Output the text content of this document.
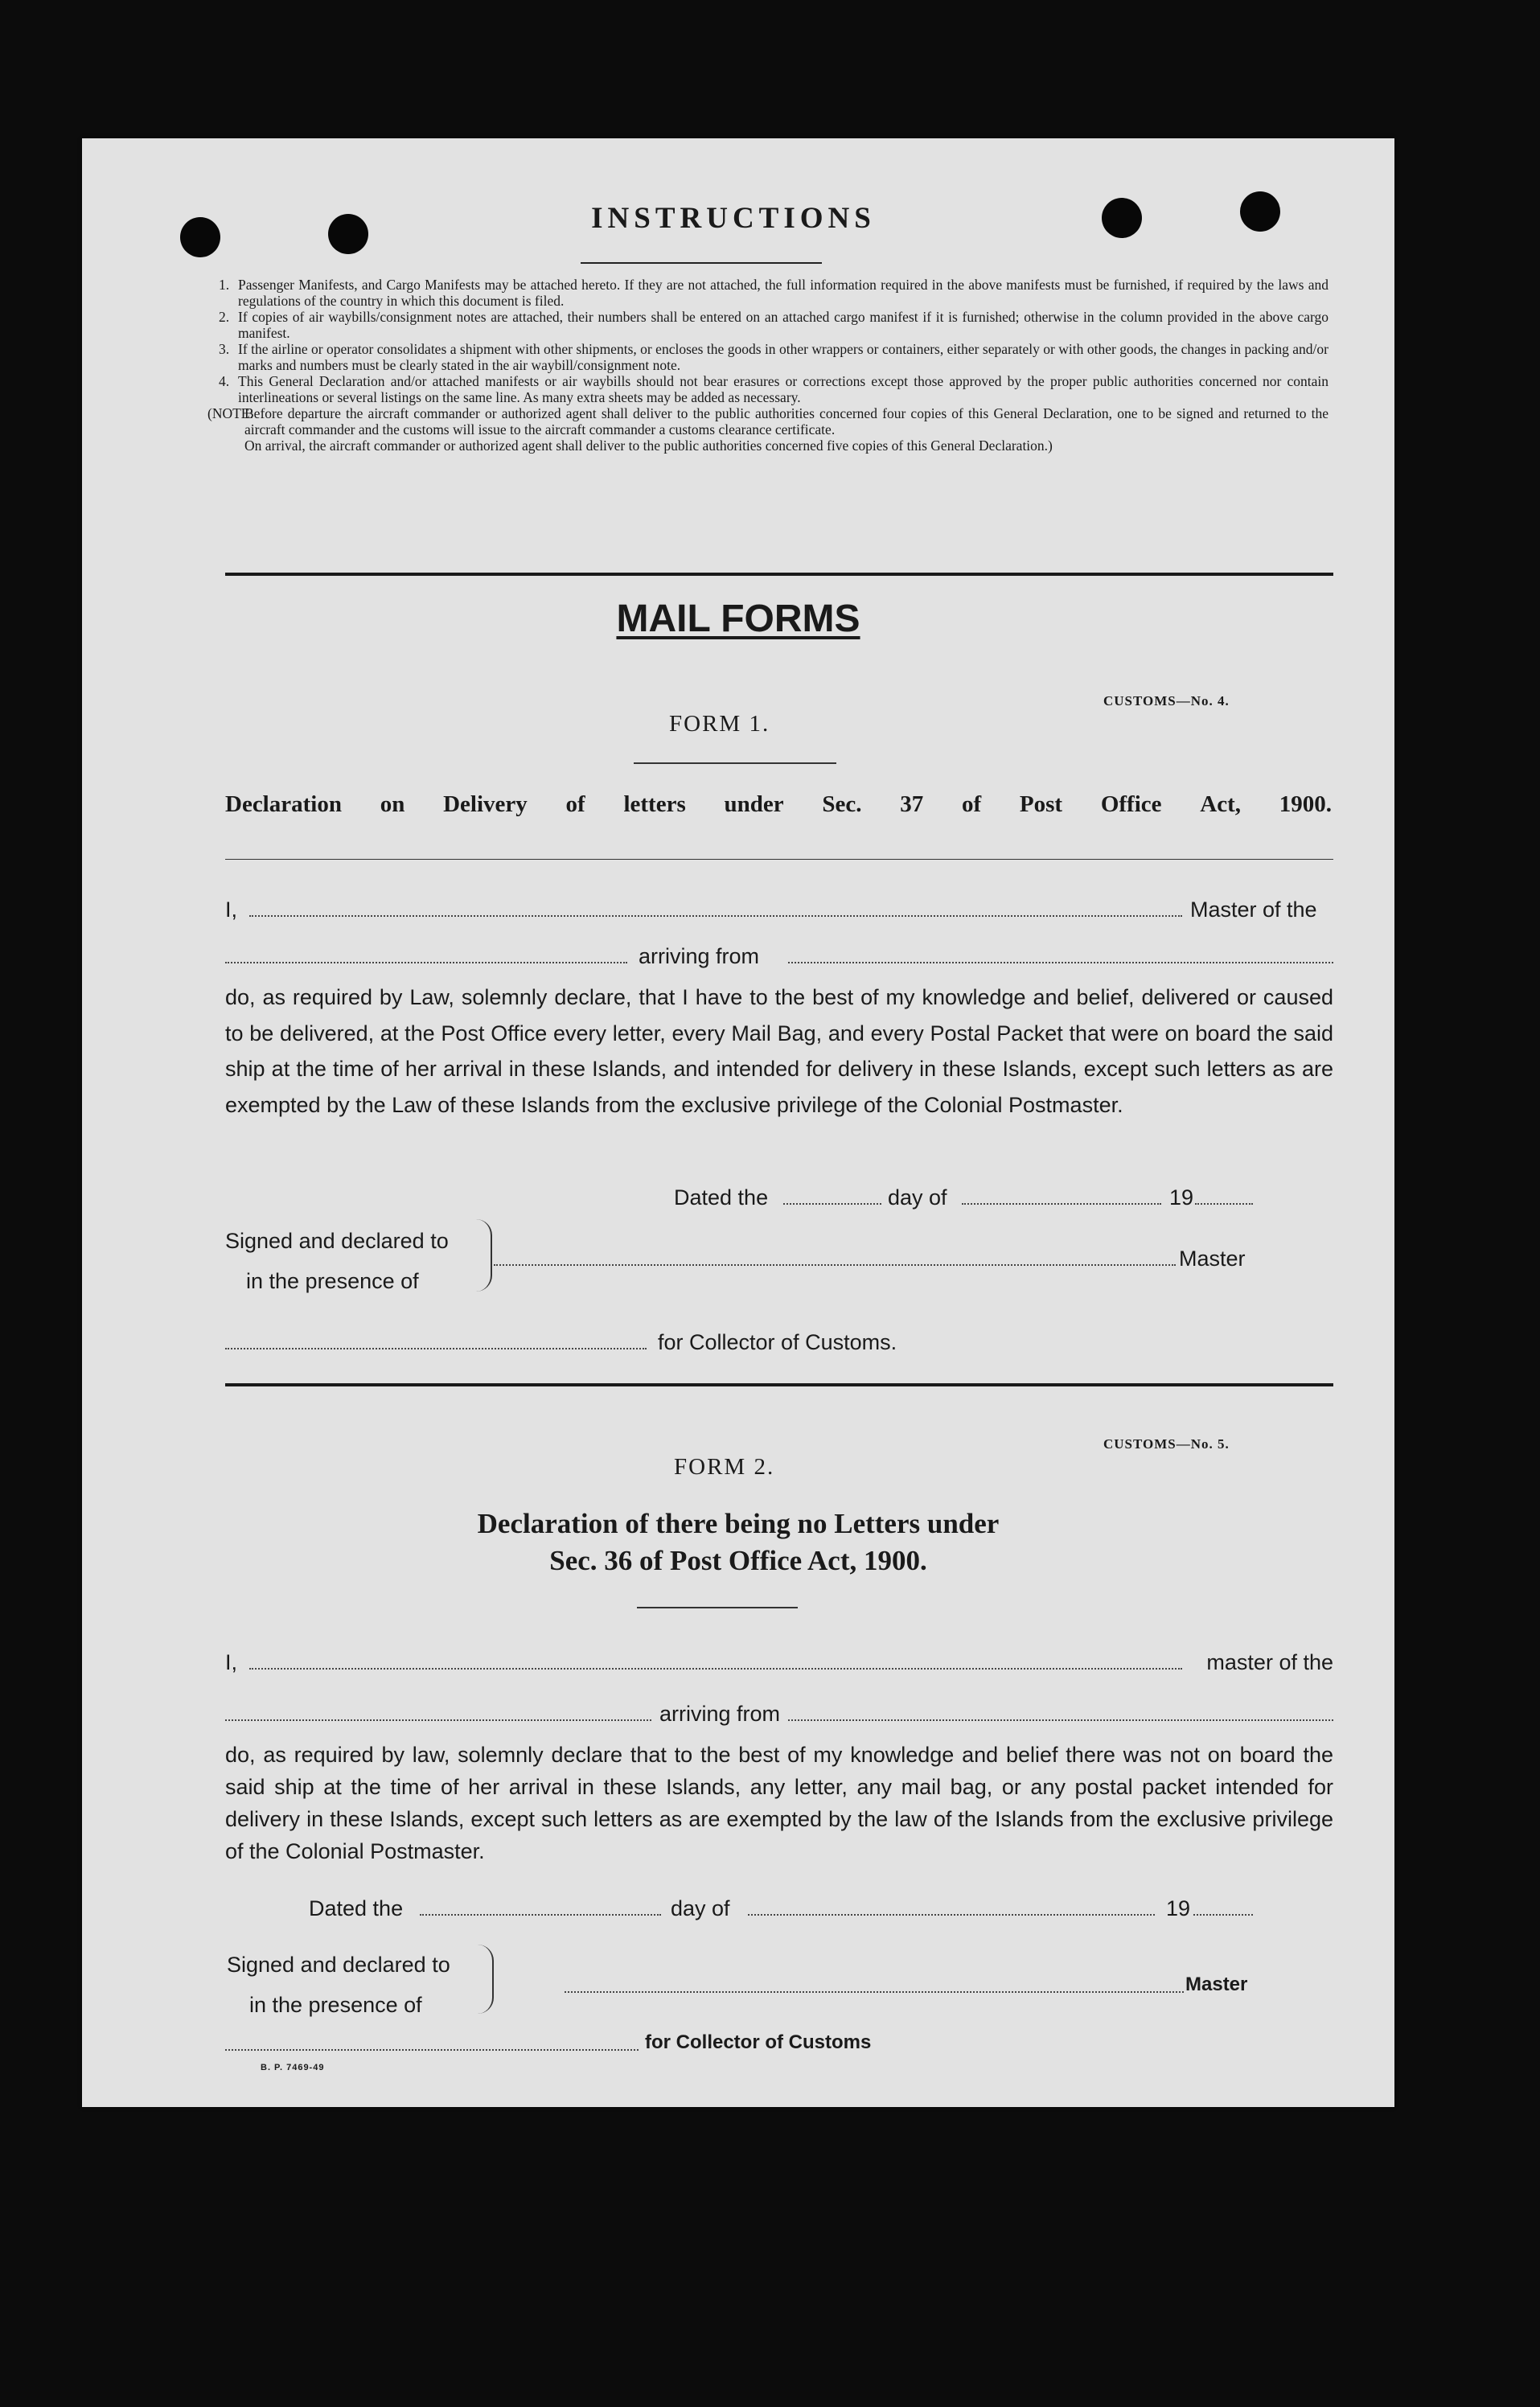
INSTRUCTIONS
1. Passenger Manifests, and Cargo Manifests may be attached hereto. If they are not attached, the full information required in the above manifests must be furnished, if required by the laws and regulations of the country in which this document is filed.
2. If copies of air waybills/consignment notes are attached, their numbers shall be entered on an attached cargo manifest if it is furnished; otherwise in the column provided in the above cargo manifest.
3. If the airline or operator consolidates a shipment with other shipments, or encloses the goods in other wrappers or containers, either separately or with other goods, the changes in packing and/or marks and numbers must be clearly stated in the air waybill/consignment note.
4. This General Declaration and/or attached manifests or air waybills should not bear erasures or corrections except those approved by the proper public authorities concerned nor contain interlineations or several listings on the same line. As many extra sheets may be added as necessary.
(NOTE:
Before departure the aircraft commander or authorized agent shall deliver to the public authorities concerned four copies of this General Declaration, one to be signed and returned to the aircraft commander and the customs will issue to the aircraft commander a customs clearance certificate.
On arrival, the aircraft commander or authorized agent shall deliver to the public authorities concerned five copies of this General Declaration.)
MAIL FORMS
CUSTOMS—No. 4.
FORM 1.
Declaration on Delivery of letters under Sec. 37 of Post Office Act, 1900.
I,	Master of the
arriving from
do, as required by Law, solemnly declare, that I have to the best of my knowledge and belief, delivered or caused to be delivered, at the Post Office every letter, every Mail Bag, and every Postal Packet that were on board the said ship at the time of her arrival in these Islands, and intended for delivery in these Islands, except such letters as are exempted by the Law of these Islands from the exclusive privilege of the Colonial Postmaster.
Dated the	day of	19
Signed and declared to
in the presence of
Master
for Collector of Customs.
CUSTOMS—No. 5.
FORM 2.
Declaration of there being no Letters under
Sec. 36 of Post Office Act, 1900.
I,	master of the
arriving from
do, as required by law, solemnly declare that to the best of my knowledge and belief there was not on board the said ship at the time of her arrival in these Islands, any letter, any mail bag, or any postal packet intended for delivery in these Islands, except such letters as are exempted by the law of the Islands from the exclusive privilege of the Colonial Postmaster.
Dated the	day of	19
Signed and declared to
in the presence of
Master
for Collector of Customs
B. P. 7469-49
